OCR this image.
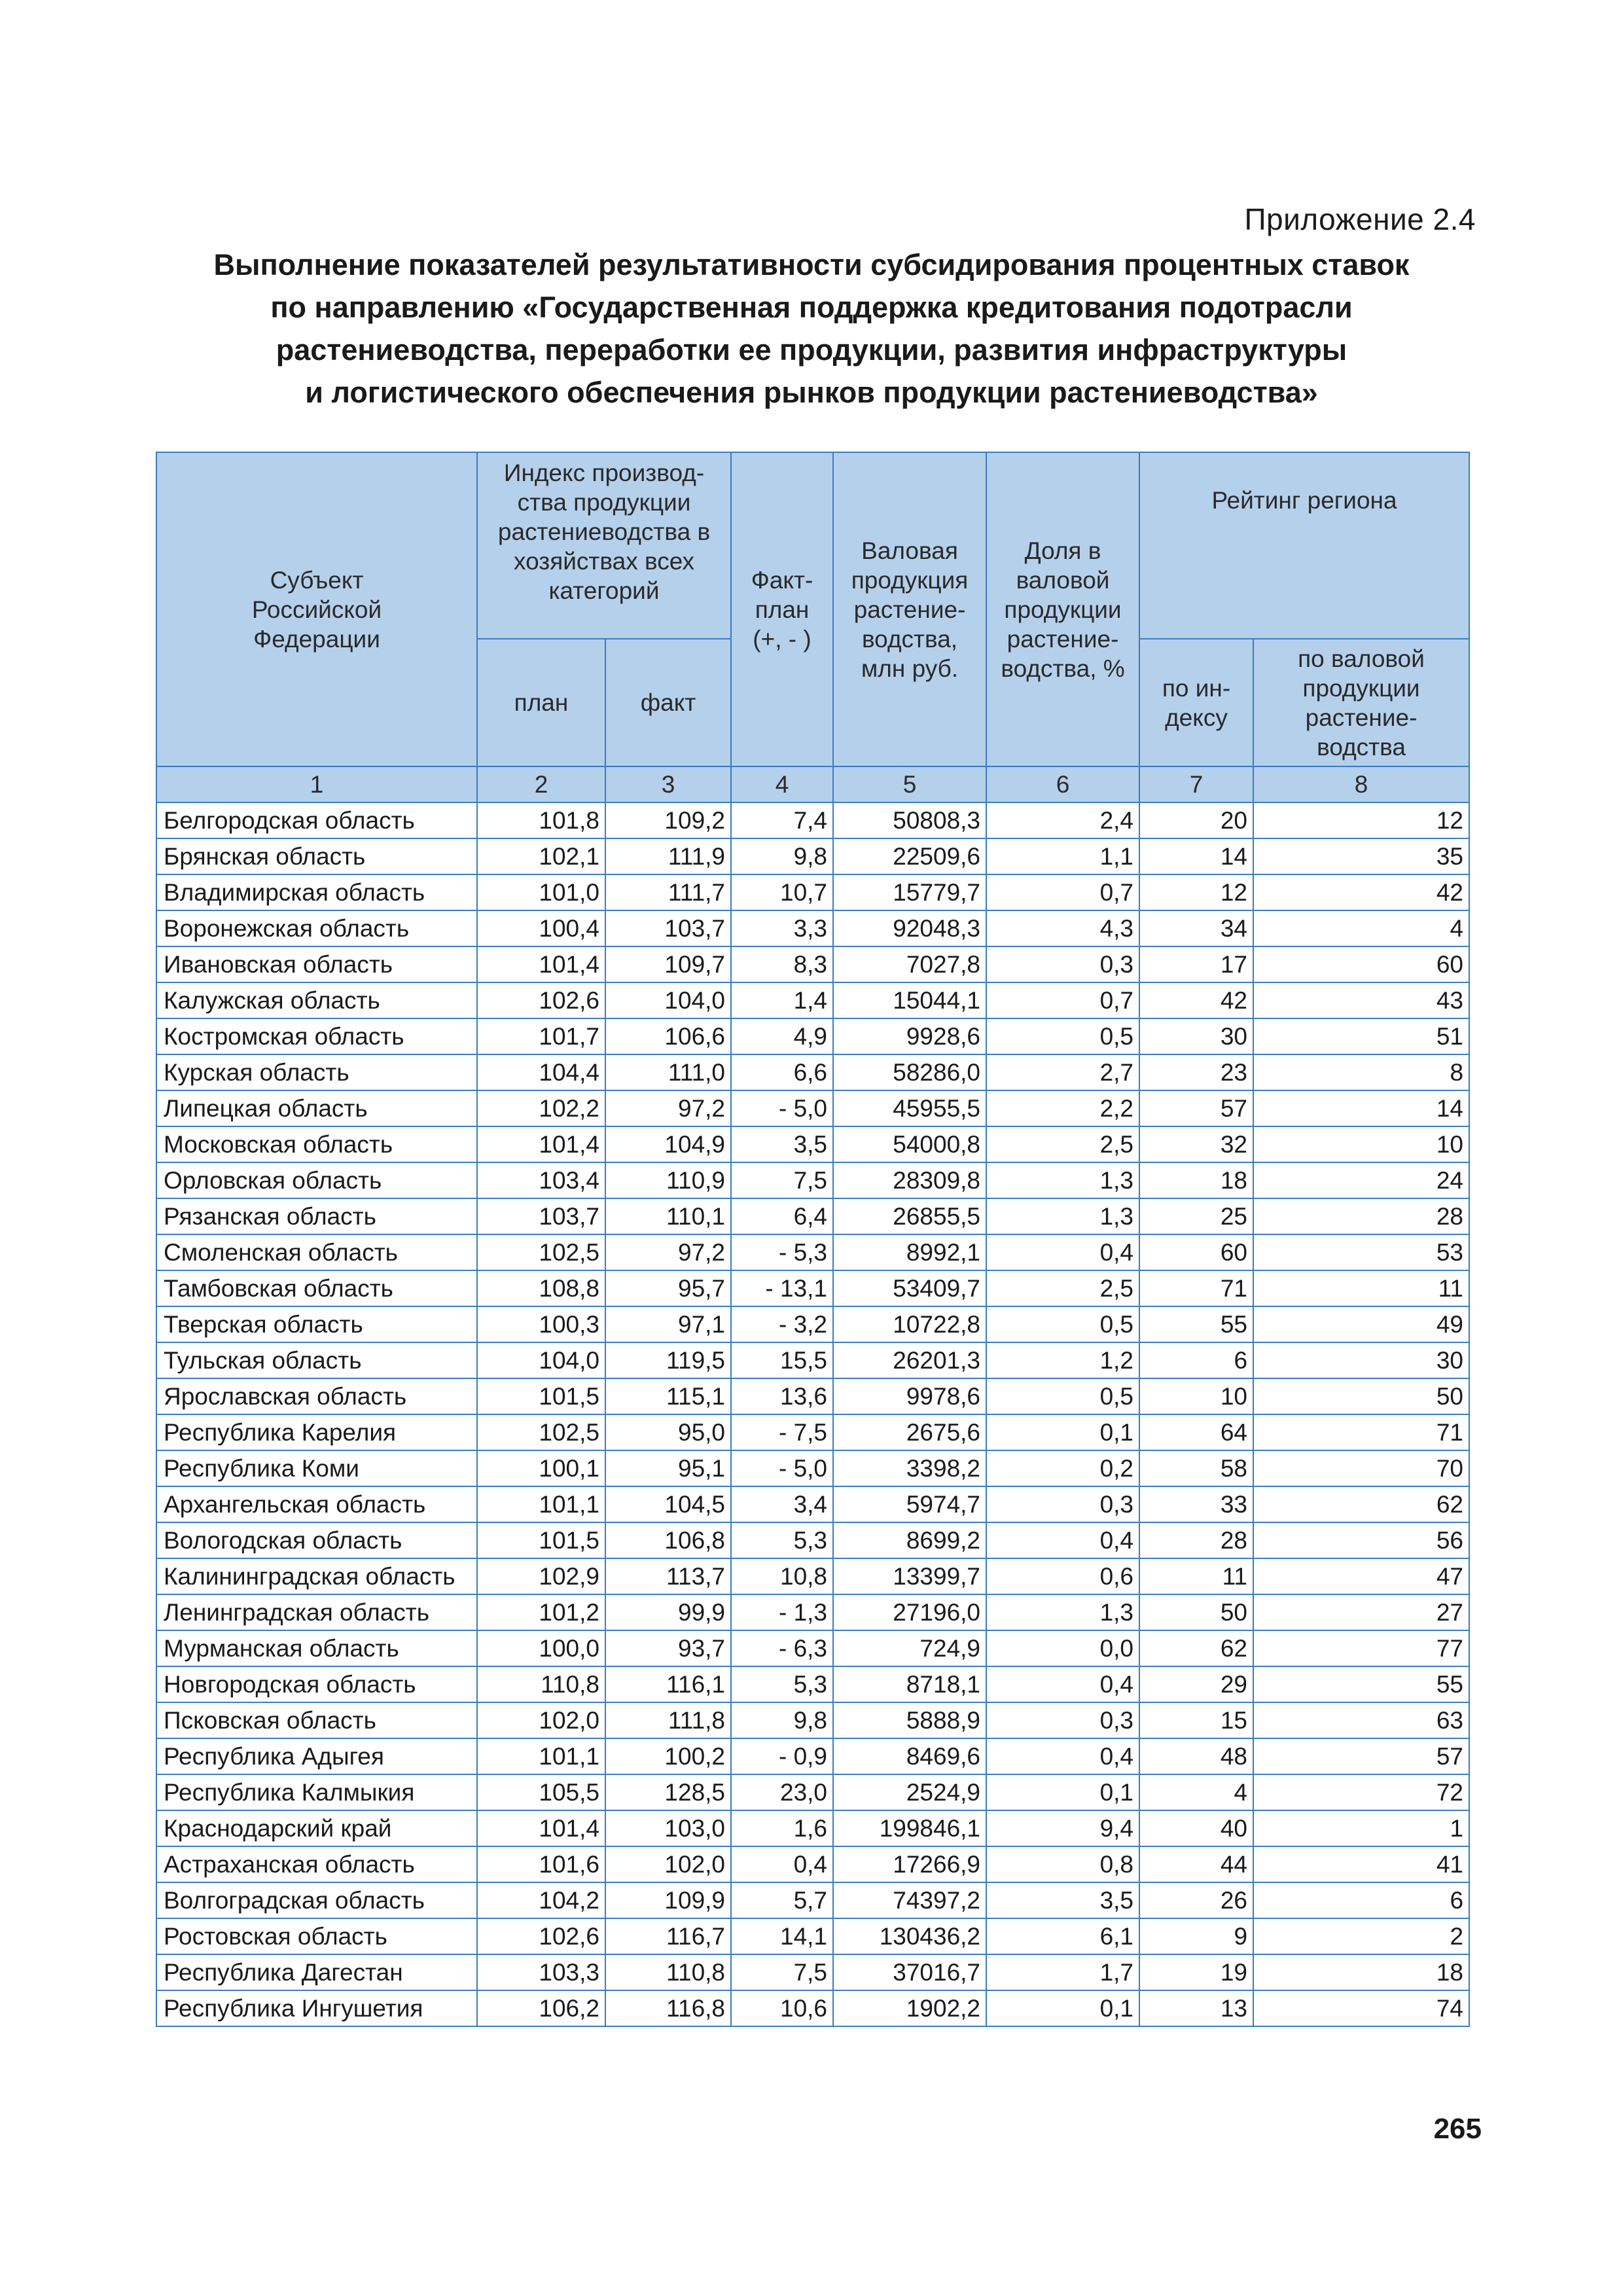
Приложение 2.4
Выполнение показателей результативности субсидирования процентных ставок
по направлению «Государственная поддержка кредитования подотрасли
растениеводства, переработки ее продукции, развития инфраструктуры
и логистического обеспечения рынков продукции растениеводства»
Субъект Российской Федерации	Индекс производ- ства продукции растениеводства в хозяйствах всех категорий		Факт- план (+, - )	Валовая продукция растение- водства, млн руб.	Доля в валовой продукции растение- водства, %	Рейтинг региона	
	план	факт				по ин- дексу	по валовой продукции растение- водства
1	2	3	4	5	6	7	8
Белгородская область	101,8	109,2	7,4	50808,3	2,4	20	12
Брянская область	102,1	111,9	9,8	22509,6	1,1	14	35
Владимирская область	101,0	111,7	10,7	15779,7	0,7	12	42
Воронежская область	100,4	103,7	3,3	92048,3	4,3	34	4
Ивановская область	101,4	109,7	8,3	7027,8	0,3	17	60
Калужская область	102,6	104,0	1,4	15044,1	0,7	42	43
Костромская область	101,7	106,6	4,9	9928,6	0,5	30	51
Курская область	104,4	111,0	6,6	58286,0	2,7	23	8
Липецкая область	102,2	97,2	- 5,0	45955,5	2,2	57	14
Московская область	101,4	104,9	3,5	54000,8	2,5	32	10
Орловская область	103,4	110,9	7,5	28309,8	1,3	18	24
Рязанская область	103,7	110,1	6,4	26855,5	1,3	25	28
Смоленская область	102,5	97,2	- 5,3	8992,1	0,4	60	53
Тамбовская область	108,8	95,7	- 13,1	53409,7	2,5	71	11
Тверская область	100,3	97,1	- 3,2	10722,8	0,5	55	49
Тульская область	104,0	119,5	15,5	26201,3	1,2	6	30
Ярославская область	101,5	115,1	13,6	9978,6	0,5	10	50
Республика Карелия	102,5	95,0	- 7,5	2675,6	0,1	64	71
Республика Коми	100,1	95,1	- 5,0	3398,2	0,2	58	70
Архангельская область	101,1	104,5	3,4	5974,7	0,3	33	62
Вологодская область	101,5	106,8	5,3	8699,2	0,4	28	56
Калининградская область	102,9	113,7	10,8	13399,7	0,6	11	47
Ленинградская область	101,2	99,9	- 1,3	27196,0	1,3	50	27
Мурманская область	100,0	93,7	- 6,3	724,9	0,0	62	77
Новгородская область	110,8	116,1	5,3	8718,1	0,4	29	55
Псковская область	102,0	111,8	9,8	5888,9	0,3	15	63
Республика Адыгея	101,1	100,2	- 0,9	8469,6	0,4	48	57
Республика Калмыкия	105,5	128,5	23,0	2524,9	0,1	4	72
Краснодарский край	101,4	103,0	1,6	199846,1	9,4	40	1
Астраханская область	101,6	102,0	0,4	17266,9	0,8	44	41
Волгоградская область	104,2	109,9	5,7	74397,2	3,5	26	6
Ростовская область	102,6	116,7	14,1	130436,2	6,1	9	2
Республика Дагестан	103,3	110,8	7,5	37016,7	1,7	19	18
Республика Ингушетия	106,2	116,8	10,6	1902,2	0,1	13	74
265
